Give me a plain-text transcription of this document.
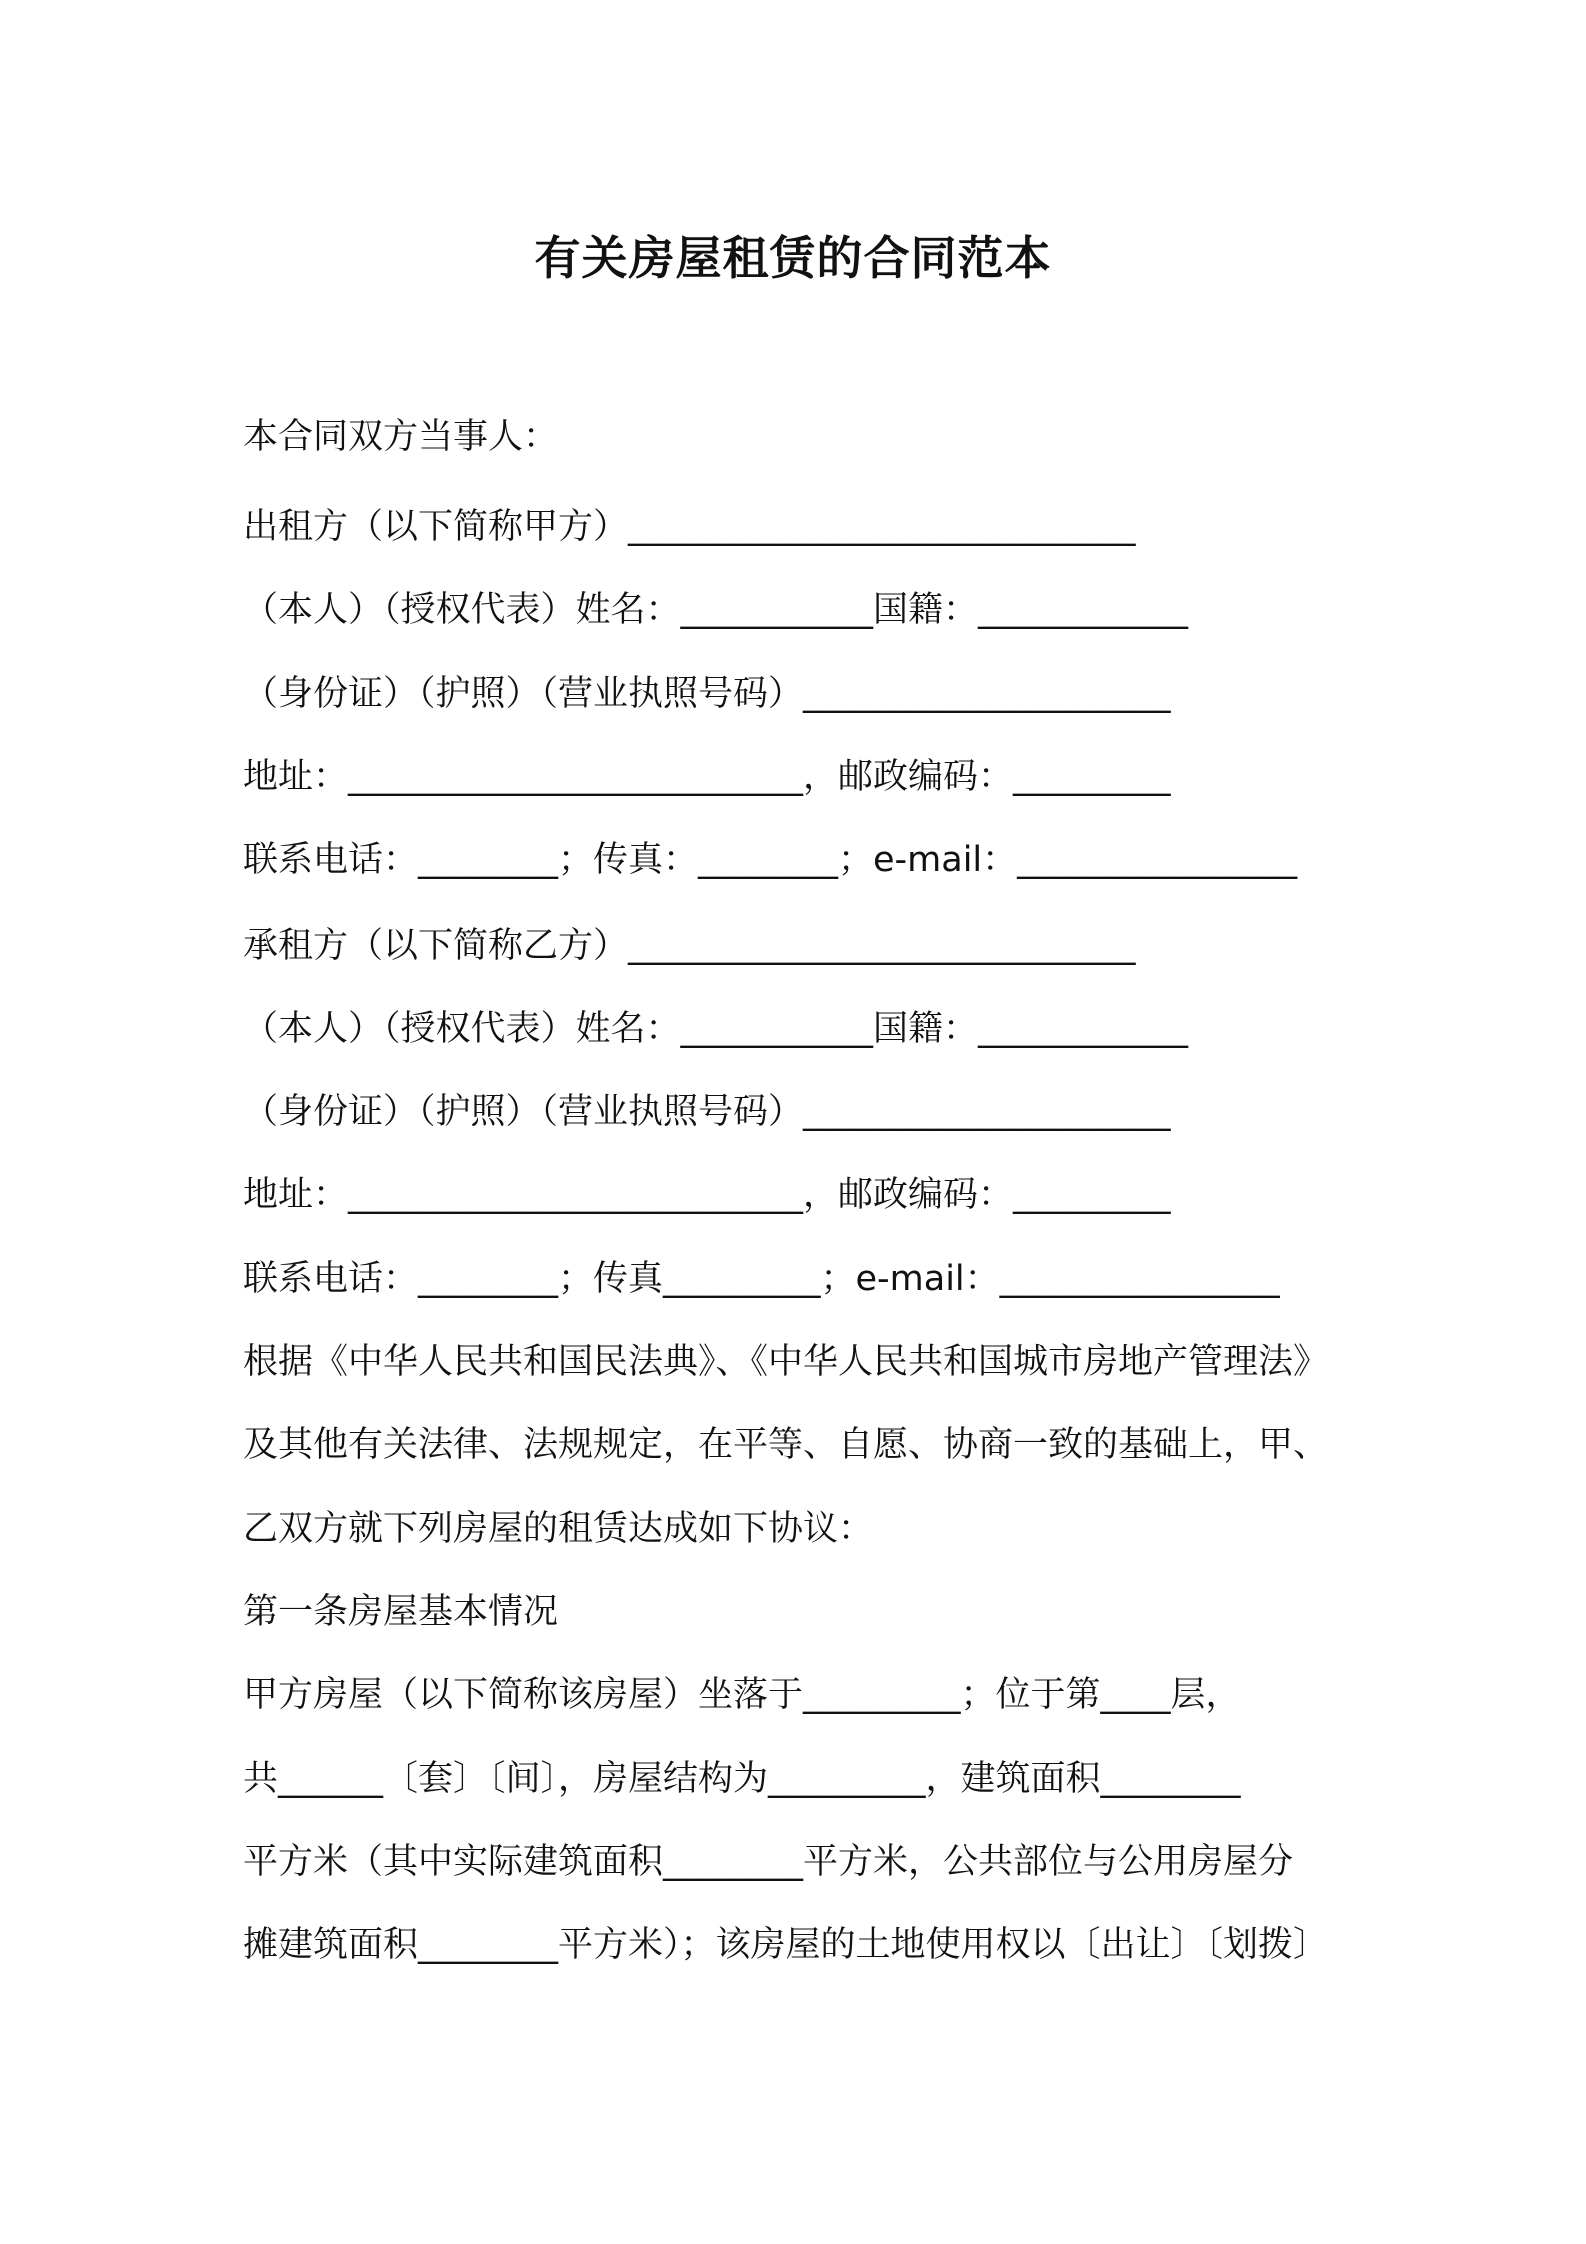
有关房屋租赁的合同范本

本合同双方当事人：

出租方（以下简称甲方）_____________________________

（本人）（授权代表）姓名：___________国籍：____________

（身份证）（护照）（营业执照号码）_____________________

地址：__________________________，邮政编码：_________

联系电话：________；传真：________；e-mail：________________

承租方（以下简称乙方）_____________________________

（本人）（授权代表）姓名：___________国籍：____________

（身份证）（护照）（营业执照号码）_____________________

地址：__________________________，邮政编码：_________

联系电话：________；传真_________；e-mail：________________

根据《中华人民共和国民法典》、《中华人民共和国城市房地产管理法》

及其他有关法律、法规规定，在平等、自愿、协商一致的基础上，甲、

乙双方就下列房屋的租赁达成如下协议：

第一条房屋基本情况

甲方房屋（以下简称该房屋）坐落于_________；位于第____层，

共______〔套〕〔间〕，房屋结构为_________，建筑面积________

平方米（其中实际建筑面积________平方米，公共部位与公用房屋分

摊建筑面积________平方米）；该房屋的土地使用权以〔出让〕〔划拨〕
